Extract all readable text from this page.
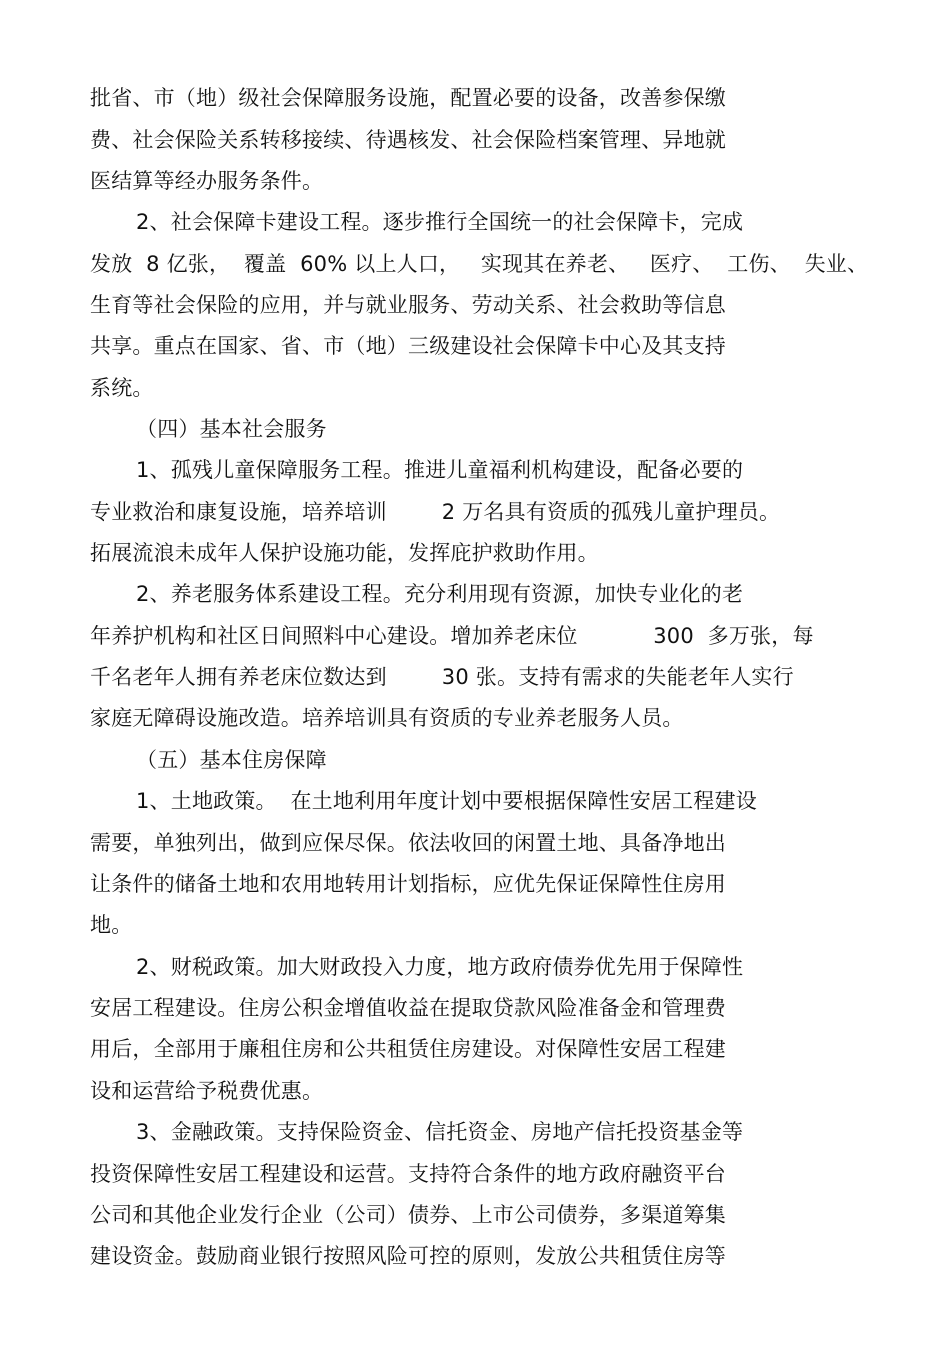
批省、市（地）级社会保障服务设施，配置必要的设备，改善参保缴
费、社会保险关系转移接续、待遇核发、社会保险档案管理、异地就
医结算等经办服务条件。
2、社会保障卡建设工程。逐步推行全国统一的社会保障卡，完成
发放  8 亿张，  覆盖  60% 以上人口，   实现其在养老、   医疗、  工伤、  失业、
生育等社会保险的应用，并与就业服务、劳动关系、社会救助等信息
共享。重点在国家、省、市（地）三级建设社会保障卡中心及其支持
系统。
（四）基本社会服务
1、孤残儿童保障服务工程。推进儿童福利机构建设，配备必要的
专业救治和康复设施，培养培训        2 万名具有资质的孤残儿童护理员。
拓展流浪未成年人保护设施功能，发挥庇护救助作用。
2、养老服务体系建设工程。充分利用现有资源，加快专业化的老
年养护机构和社区日间照料中心建设。增加养老床位           300  多万张，每
千名老年人拥有养老床位数达到        30 张。支持有需求的失能老年人实行
家庭无障碍设施改造。培养培训具有资质的专业养老服务人员。
（五）基本住房保障
1、土地政策。  在土地利用年度计划中要根据保障性安居工程建设
需要，单独列出，做到应保尽保。依法收回的闲置土地、具备净地出
让条件的储备土地和农用地转用计划指标，应优先保证保障性住房用
地。
2、财税政策。加大财政投入力度，地方政府债券优先用于保障性
安居工程建设。住房公积金增值收益在提取贷款风险准备金和管理费
用后，全部用于廉租住房和公共租赁住房建设。对保障性安居工程建
设和运营给予税费优惠。
3、金融政策。支持保险资金、信托资金、房地产信托投资基金等
投资保障性安居工程建设和运营。支持符合条件的地方政府融资平台
公司和其他企业发行企业（公司）债券、上市公司债券，多渠道筹集
建设资金。鼓励商业银行按照风险可控的原则，发放公共租赁住房等
